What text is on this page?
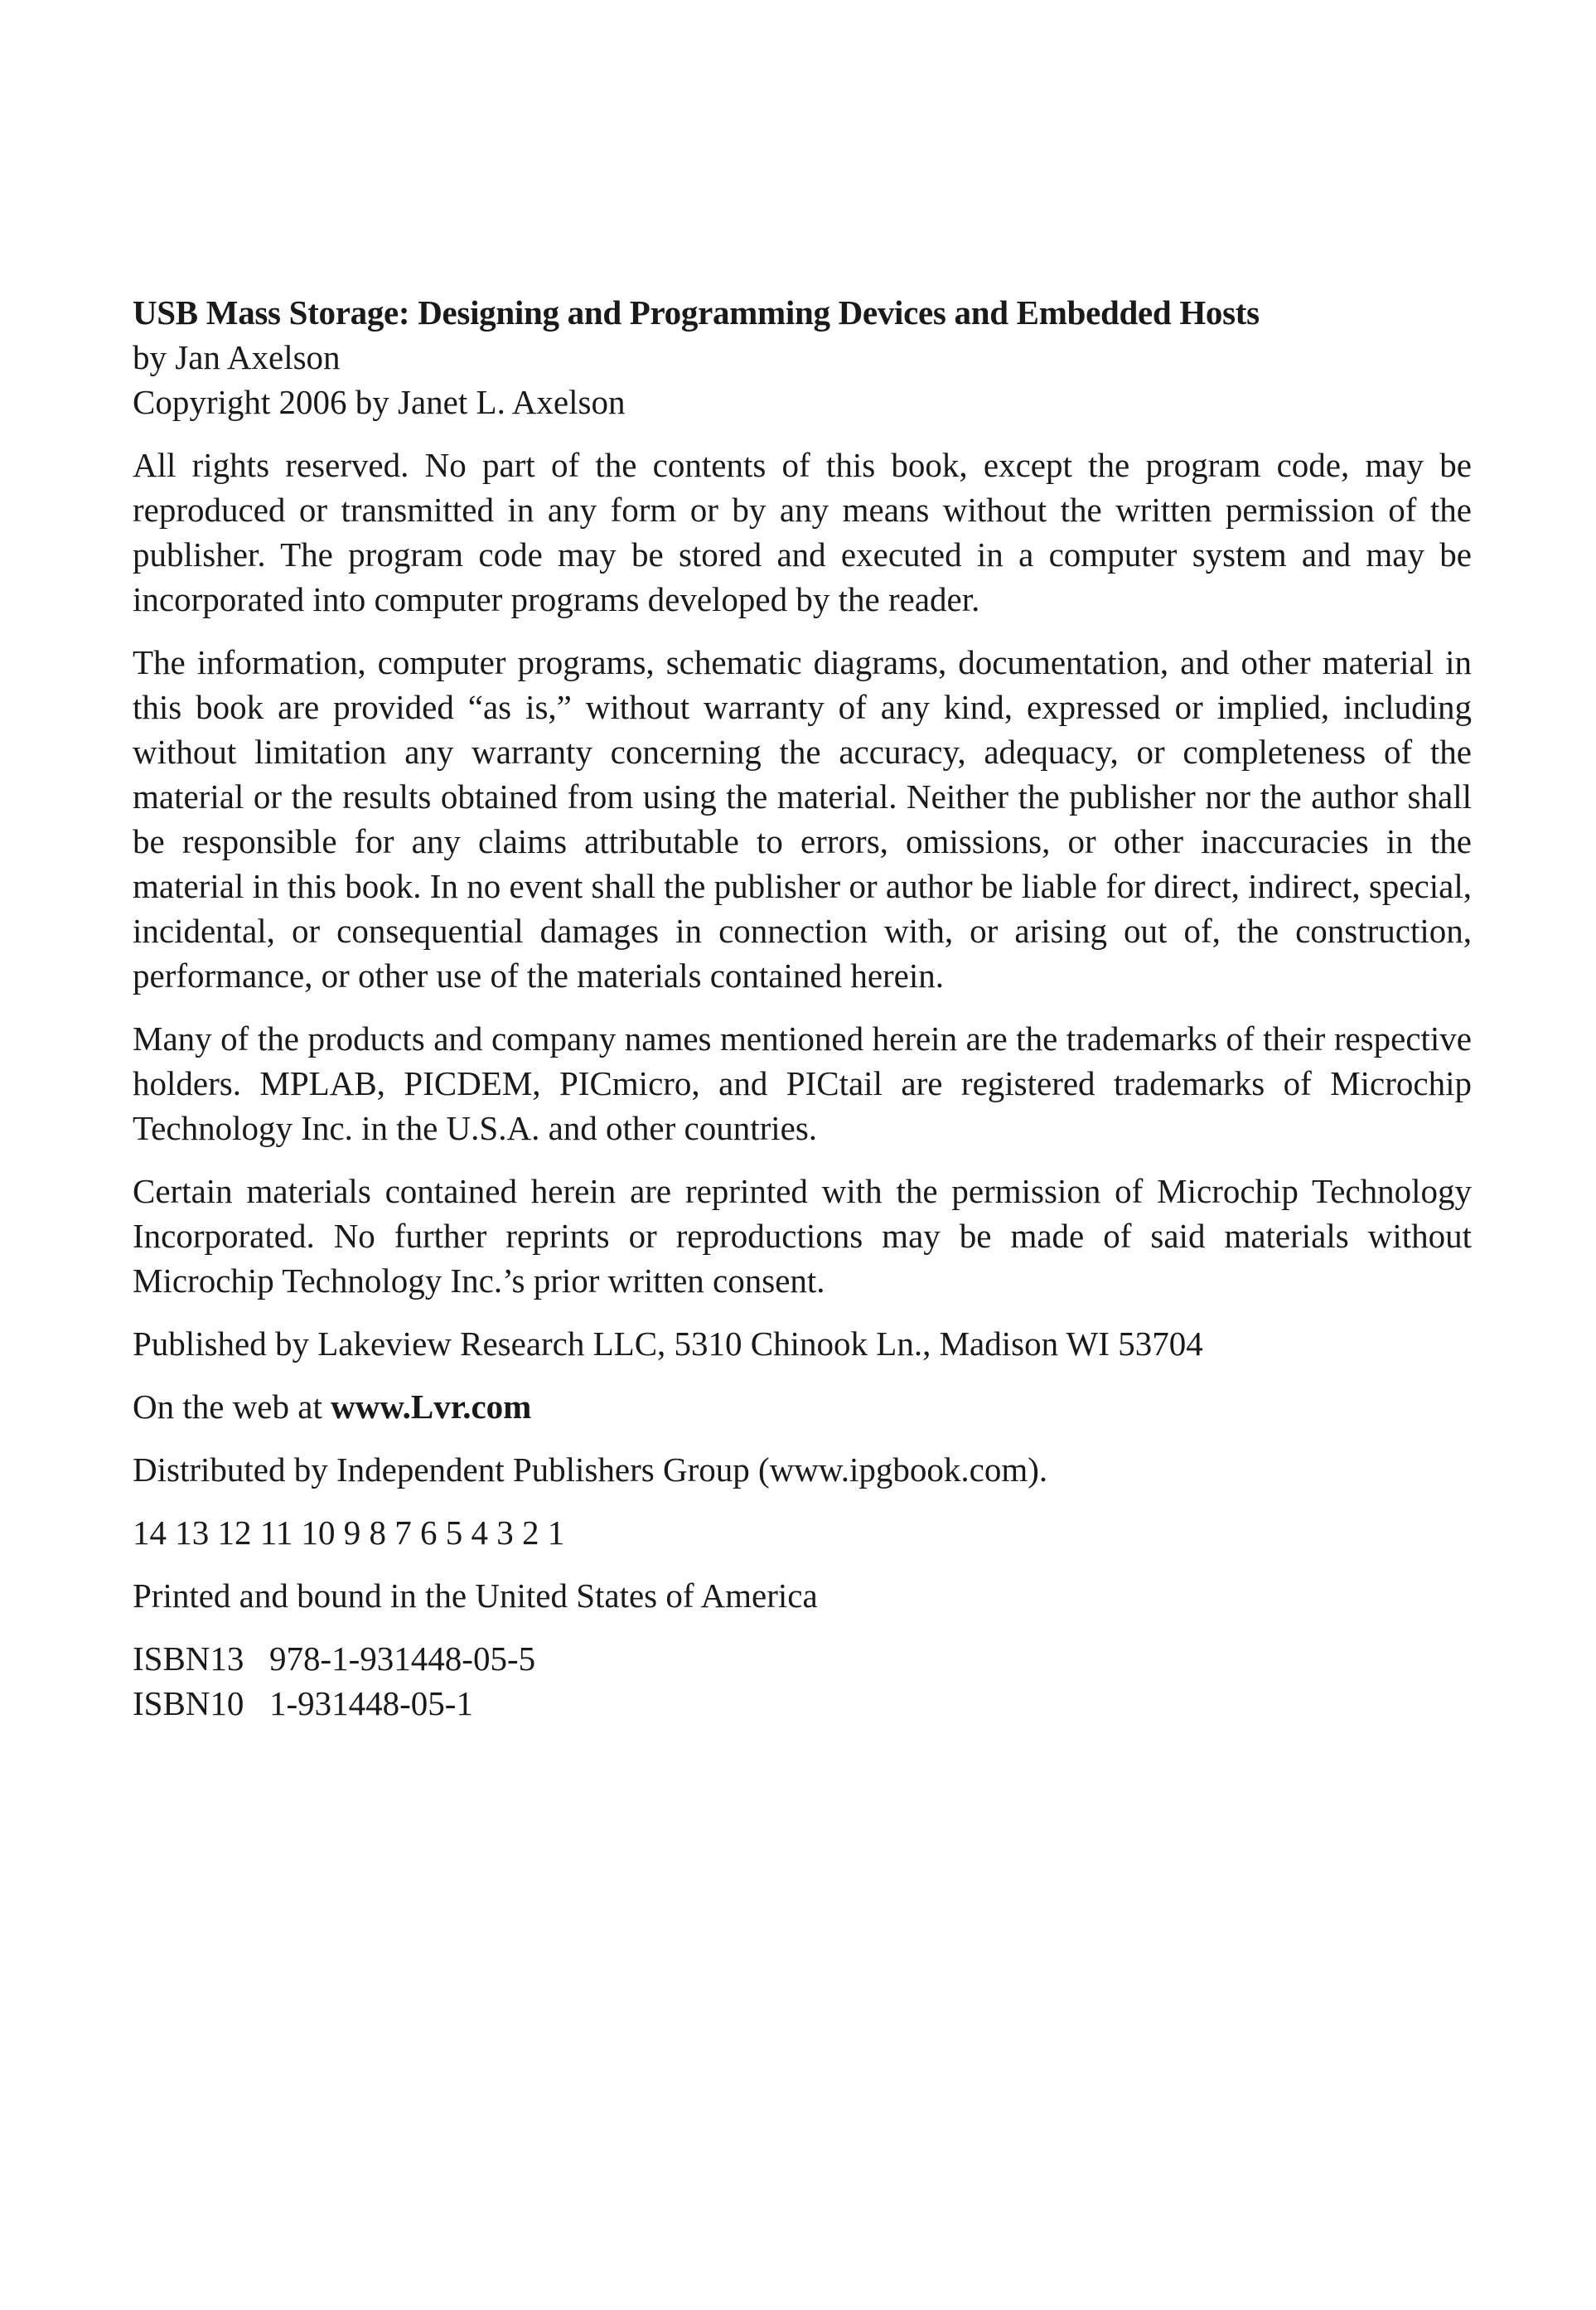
USB Mass Storage: Designing and Programming Devices and Embedded Hosts
by Jan Axelson

Copyright 2006 by Janet L. Axelson

All rights reserved. No part of the contents of this book, except the program code, may be reproduced or transmitted in any form or by any means without the written permission of the publisher. The program code may be stored and executed in a computer system and may be incorporated into computer programs developed by the reader.

The information, computer programs, schematic diagrams, documentation, and other material in this book are provided “as is,” without warranty of any kind, expressed or implied, including without limitation any warranty concerning the accuracy, adequacy, or completeness of the material or the results obtained from using the material. Neither the publisher nor the author shall be responsible for any claims attributable to errors, omissions, or other inaccuracies in the material in this book. In no event shall the publisher or author be liable for direct, indirect, special, incidental, or consequential damages in connection with, or arising out of, the construction, performance, or other use of the materials contained herein.

Many of the products and company names mentioned herein are the trademarks of their respective holders. MPLAB, PICDEM, PICmicro, and PICtail are registered trademarks of Microchip Technology Inc. in the U.S.A. and other countries.

Certain materials contained herein are reprinted with the permission of Microchip Technology Incorporated. No further reprints or reproductions may be made of said materials without Microchip Technology Inc.’s prior written consent.

Published by Lakeview Research LLC, 5310 Chinook Ln., Madison WI 53704

On the web at www.Lvr.com

Distributed by Independent Publishers Group (www.ipgbook.com).

14 13 12 11 10 9 8 7 6 5 4 3 2 1

Printed and bound in the United States of America

ISBN13 978-1-931448-05-5
ISBN10 1-931448-05-1
